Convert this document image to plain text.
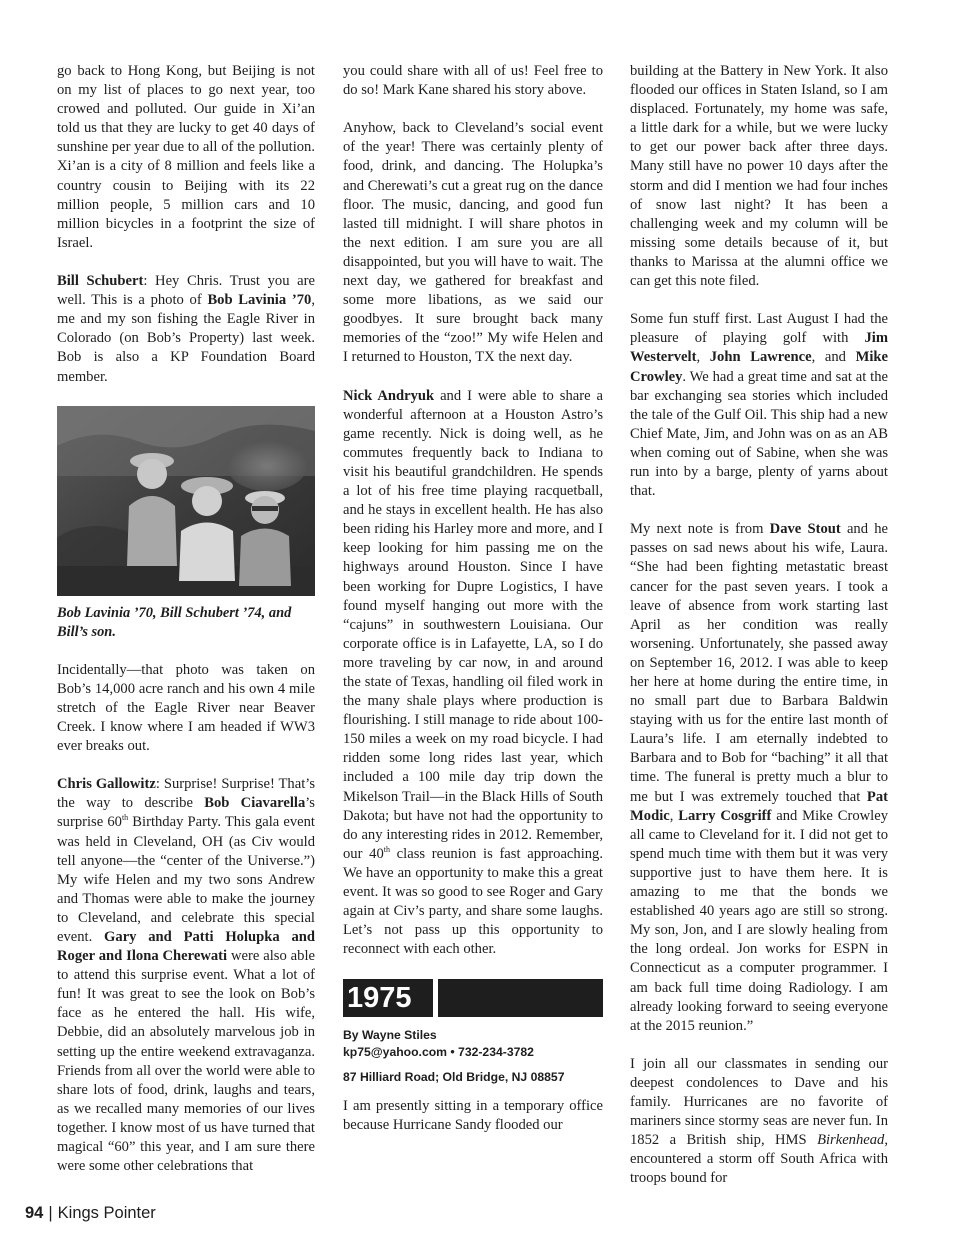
go back to Hong Kong, but Beijing is not on my list of places to go next year, too crowed and polluted. Our guide in Xi’an told us that they are lucky to get 40 days of sunshine per year due to all of the pollution. Xi’an is a city of 8 million and feels like a country cousin to Beijing with its 22 million people, 5 million cars and 10 million bicycles in a footprint the size of Israel.

Bill Schubert: Hey Chris. Trust you are well. This is a photo of Bob Lavinia ’70, me and my son fishing the Eagle River in Colorado (on Bob’s Property) last week. Bob is also a KP Foundation Board member.

Bob Lavinia ’70, Bill Schubert ’74, and Bill’s son.

Incidentally—that photo was taken on Bob’s 14,000 acre ranch and his own 4 mile stretch of the Eagle River near Beaver Creek. I know where I am headed if WW3 ever breaks out.

Chris Gallowitz: Surprise! Surprise! That’s the way to describe Bob Ciavarella’s surprise 60th Birthday Party. This gala event was held in Cleveland, OH (as Civ would tell anyone—the “center of the Universe.”) My wife Helen and my two sons Andrew and Thomas were able to make the journey to Cleveland, and celebrate this special event. Gary and Patti Holupka and Roger and Ilona Cherewati were also able to attend this surprise event. What a lot of fun! It was great to see the look on Bob’s face as he entered the hall. His wife, Debbie, did an absolutely marvelous job in setting up the entire weekend extravaganza. Friends from all over the world were able to share lots of food, drink, laughs and tears, as we recalled many memories of our lives together. I know most of us have turned that magical “60” this year, and I am sure there were some other celebrations that

you could share with all of us! Feel free to do so! Mark Kane shared his story above.

Anyhow, back to Cleveland’s social event of the year! There was certainly plenty of food, drink, and dancing. The Holupka’s and Cherewati’s cut a great rug on the dance floor. The music, dancing, and good fun lasted till midnight. I will share photos in the next edition. I am sure you are all disappointed, but you will have to wait. The next day, we gathered for breakfast and some more libations, as we said our goodbyes. It sure brought back many memories of the “zoo!” My wife Helen and I returned to Houston, TX the next day.

Nick Andryuk and I were able to share a wonderful afternoon at a Houston Astro’s game recently. Nick is doing well, as he commutes frequently back to Indiana to visit his beautiful grandchildren. He spends a lot of his free time playing racquetball, and he stays in excellent health. He has also been riding his Harley more and more, and I keep looking for him passing me on the highways around Houston. Since I have been working for Dupre Logistics, I have found myself hanging out more with the “cajuns” in southwestern Louisiana. Our corporate office is in Lafayette, LA, so I do more traveling by car now, in and around the state of Texas, handling oil filed work in the many shale plays where production is flourishing. I still manage to ride about 100-150 miles a week on my road bicycle. I had ridden some long rides last year, which included a 100 mile day trip down the Mikelson Trail—in the Black Hills of South Dakota; but have not had the opportunity to do any interesting rides in 2012. Remember, our 40th class reunion is fast approaching. We have an opportunity to make this a great event. It was so good to see Roger and Gary again at Civ’s party, and share some laughs. Let’s not pass up this opportunity to reconnect with each other.

1975
By Wayne Stiles
kp75@yahoo.com • 732-234-3782
87 Hilliard Road; Old Bridge, NJ 08857

I am presently sitting in a temporary office because Hurricane Sandy flooded our

building at the Battery in New York. It also flooded our offices in Staten Island, so I am displaced. Fortunately, my home was safe, a little dark for a while, but we were lucky to get our power back after three days. Many still have no power 10 days after the storm and did I mention we had four inches of snow last night? It has been a challenging week and my column will be missing some details because of it, but thanks to Marissa at the alumni office we can get this note filed.

Some fun stuff first. Last August I had the pleasure of playing golf with Jim Westervelt, John Lawrence, and Mike Crowley. We had a great time and sat at the bar exchanging sea stories which included the tale of the Gulf Oil. This ship had a new Chief Mate, Jim, and John was on as an AB when coming out of Sabine, when she was run into by a barge, plenty of yarns about that.

My next note is from Dave Stout and he passes on sad news about his wife, Laura. “She had been fighting metastatic breast cancer for the past seven years. I took a leave of absence from work starting last April as her condition was really worsening. Unfortunately, she passed away on September 16, 2012. I was able to keep her here at home during the entire time, in no small part due to Barbara Baldwin staying with us for the entire last month of Laura’s life. I am eternally indebted to Barbara and to Bob for “baching” it all that time. The funeral is pretty much a blur to me but I was extremely touched that Pat Modic, Larry Cosgriff and Mike Crowley all came to Cleveland for it. I did not get to spend much time with them but it was very supportive just to have them here. It is amazing to me that the bonds we established 40 years ago are still so strong. My son, Jon, and I are slowly healing from the long ordeal. Jon works for ESPN in Connecticut as a computer programmer. I am back full time doing Radiology. I am already looking forward to seeing everyone at the 2015 reunion.”

I join all our classmates in sending our deepest condolences to Dave and his family. Hurricanes are no favorite of mariners since stormy seas are never fun. In 1852 a British ship, HMS Birkenhead, encountered a storm off South Africa with troops bound for

94 | Kings Pointer
